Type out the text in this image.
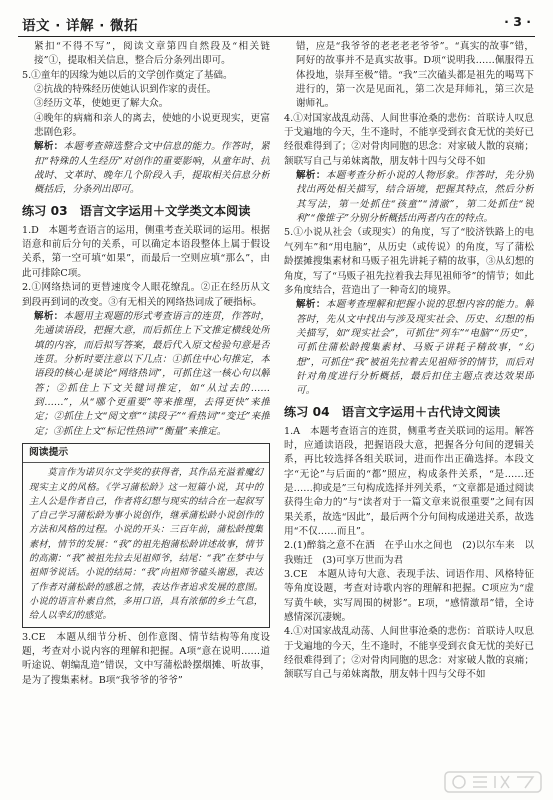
语文 · 详解 · 微拓	· 3 ·

紧扣“不得不写”，阅读文章第四自然段及“相关链接”①，提取相关信息，整合后分条列出即可。

5.①童年的因缘为她以后的文学创作奠定了基础。

②抗战的特殊经历使她认识到作家的责任。

③经历文革，使她更了解大众。

④晚年的病痛和亲人的离去，使她的小说更现实，更富悲剧色彩。

解析：本题考查筛选整合文中信息的能力。作答时，紧扣“特殊的人生经历”对创作的重要影响，从童年时、抗战时、文革时、晚年几个阶段入手，提取相关信息分析概括后，分条列出即可。

练习 03　语言文字运用＋文学类文本阅读

1.D　本题考查语言的运用，侧重考查关联词的运用。根据语意和前后分句的关系，可以确定本语段整体上属于假设关系，第一空可填“如果”，而最后一空则应填“那么”，由此可排除C项。

2.①网络热词的更替速度令人眼花缭乱。②正在经历从文到段再到词的改变。③有无相关的网络热词成了硬指标。

解析：本题用主观题的形式考查语言的连贯，作答时，先通读语段，把握大意，而后抓住上下文推定横线处所填的内容，而后拟写答案，最后代入原文检验句意是否连贯。分析时要注意以下几点：①抓住中心句推定，本语段的核心是谈论“网络热词”，可抓住这一核心句以解答；②抓住上下文关键词推定，如“从过去的……到……”，从“哪个更重要”等来推理，去得更快”来推定；②抓住上文“阅文章”“读段子”“看热词”“变迁”来推定；③抓住上文“标记性热词”“衡量”来推定。

阅读提示

莫言作为诺贝尔文学奖的获得者，其作品充溢着魔幻现实主义的风格。《学习蒲松龄》这一短篇小说，其中的主人公是作者自己，作者将幻想与现实的结合在一起叙写了自己学习蒲松龄为事小说创作，继承蒲松龄小说创作的方法和风格的过程。小说的开头：三百年前，蒲松龄搜集素材，情节的发展：“我”的祖先抱蒲松龄讲述故事，情节的高潮：“我”被祖先拉去见祖师爷，结尾：“我”在梦中与祖师爷说话。小说的结局：“我”向祖师爷磕头谢恩，表达了作者对蒲松龄的感恩之情，表达作者追求发展的意图。小说的语言朴素自然，多用口语，具有浓郁的乡土气息，给人以幸幻的感觉。

3.CE　本题从细节分析、创作意图、情节结构等角度设题，考查对小说内容的理解和把握。A项“意在说明……道听途说、朝编乱造”错误，文中写蒲松龄摆烟摊、听故事，是为了搜集素材。B项“我爷爷的爷爷”

错，应是“我爷爷的老老老老爷爷”。“真实的故事”错，阿好的故事并不是真实故事。D项“说明我……佩服得五体投地，崇拜至极”错。“我”三次磕头都是祖先的喝骂下进行的，第一次是见面礼，第二次是拜师礼，第三次是谢师礼。

4.①对国家战乱动荡、人间世事沧桑的悲伤：首联诗人叹息于戈遍地的今天，生不逢时，不能享受到衣食无忧的美好已经很难得到了；②对骨肉同胞的思念：对家破人散的哀痛；颔联写自己与弟妹离散，朋友韩十四与父母不如

解析：本题考查分析小说的人物形象。作答时，先分别找出两处相关描写，结合语境，把握其特点，然后分析其写法，第一处抓住“孩童”“清澈”，第二处抓住“锐利”“像锥子”分别分析概括出两者内在的特点。

5.①小说从社会（或现实）的角度，写了“胶济铁路上的电气列车”和“用电脑”，从历史（或传说）的角度，写了蒲松龄摆摊搜集素材和马贩子祖先讲耗子精的故事，③从幻想的角度，写了“马贩子祖先拉着我去拜见祖师爷”的情节；如此多角度结合，营造出了一种奇幻的境界。

解析：本题考查理解和把握小说的思想内容的能力。解答时，先从文中找出与涉及现实社会、历史、幻想的相关描写，如“现实社会”，可抓住“列车”“电脑”“历史”，可抓住蒲松龄搜集素材、马贩子讲耗子精故事，“幻想”，可抓住“我”被祖先拉着去见祖师爷的情节，而后对针对角度进行分析概括，最后扣住主题点表达效果即可。

练习 04　语言文字运用＋古代诗文阅读

1.A　本题考查语言的连贯，侧重考查关联词的运用。解答时，应通读语段，把握语段大意，把握各分句间的逻辑关系，再比较选择各组关联词，进而作出正确选择。本段文字“无论”与后面的“都”照应，构成条件关系，“是……还是……抑或是”三句构成选择并列关系，“文章都是通过阅读获得生命力的”与“读者对于一篇文章来说很重要”之间有因果关系，故选“因此”，最后两个分句间构成递进关系，故选用“不仅……而且”。

2.(1)醉翁之意不在酒　在乎山水之间也　(2)以尔车来　以我贿迁　(3)可享万世而为君

3.CE　本题从诗句大意、表现手法、词语作用、风格特征等角度设题，考查对诗歌内容的理解和把握。C项应为“虚写黄牛峡，实写周围的树影”。E项，“感情激昂”错，全诗感情深沉凄婉。

4.①对国家战乱动荡、人间世事沧桑的悲伤：首联诗人叹息于戈遍地的今天，生不逢时，不能享受到衣食无忧的美好已经很难得到了；②对骨肉同胞的思念：对家破人散的哀痛；颔联写自己与弟妹离散，朋友韩十四与父母不如
